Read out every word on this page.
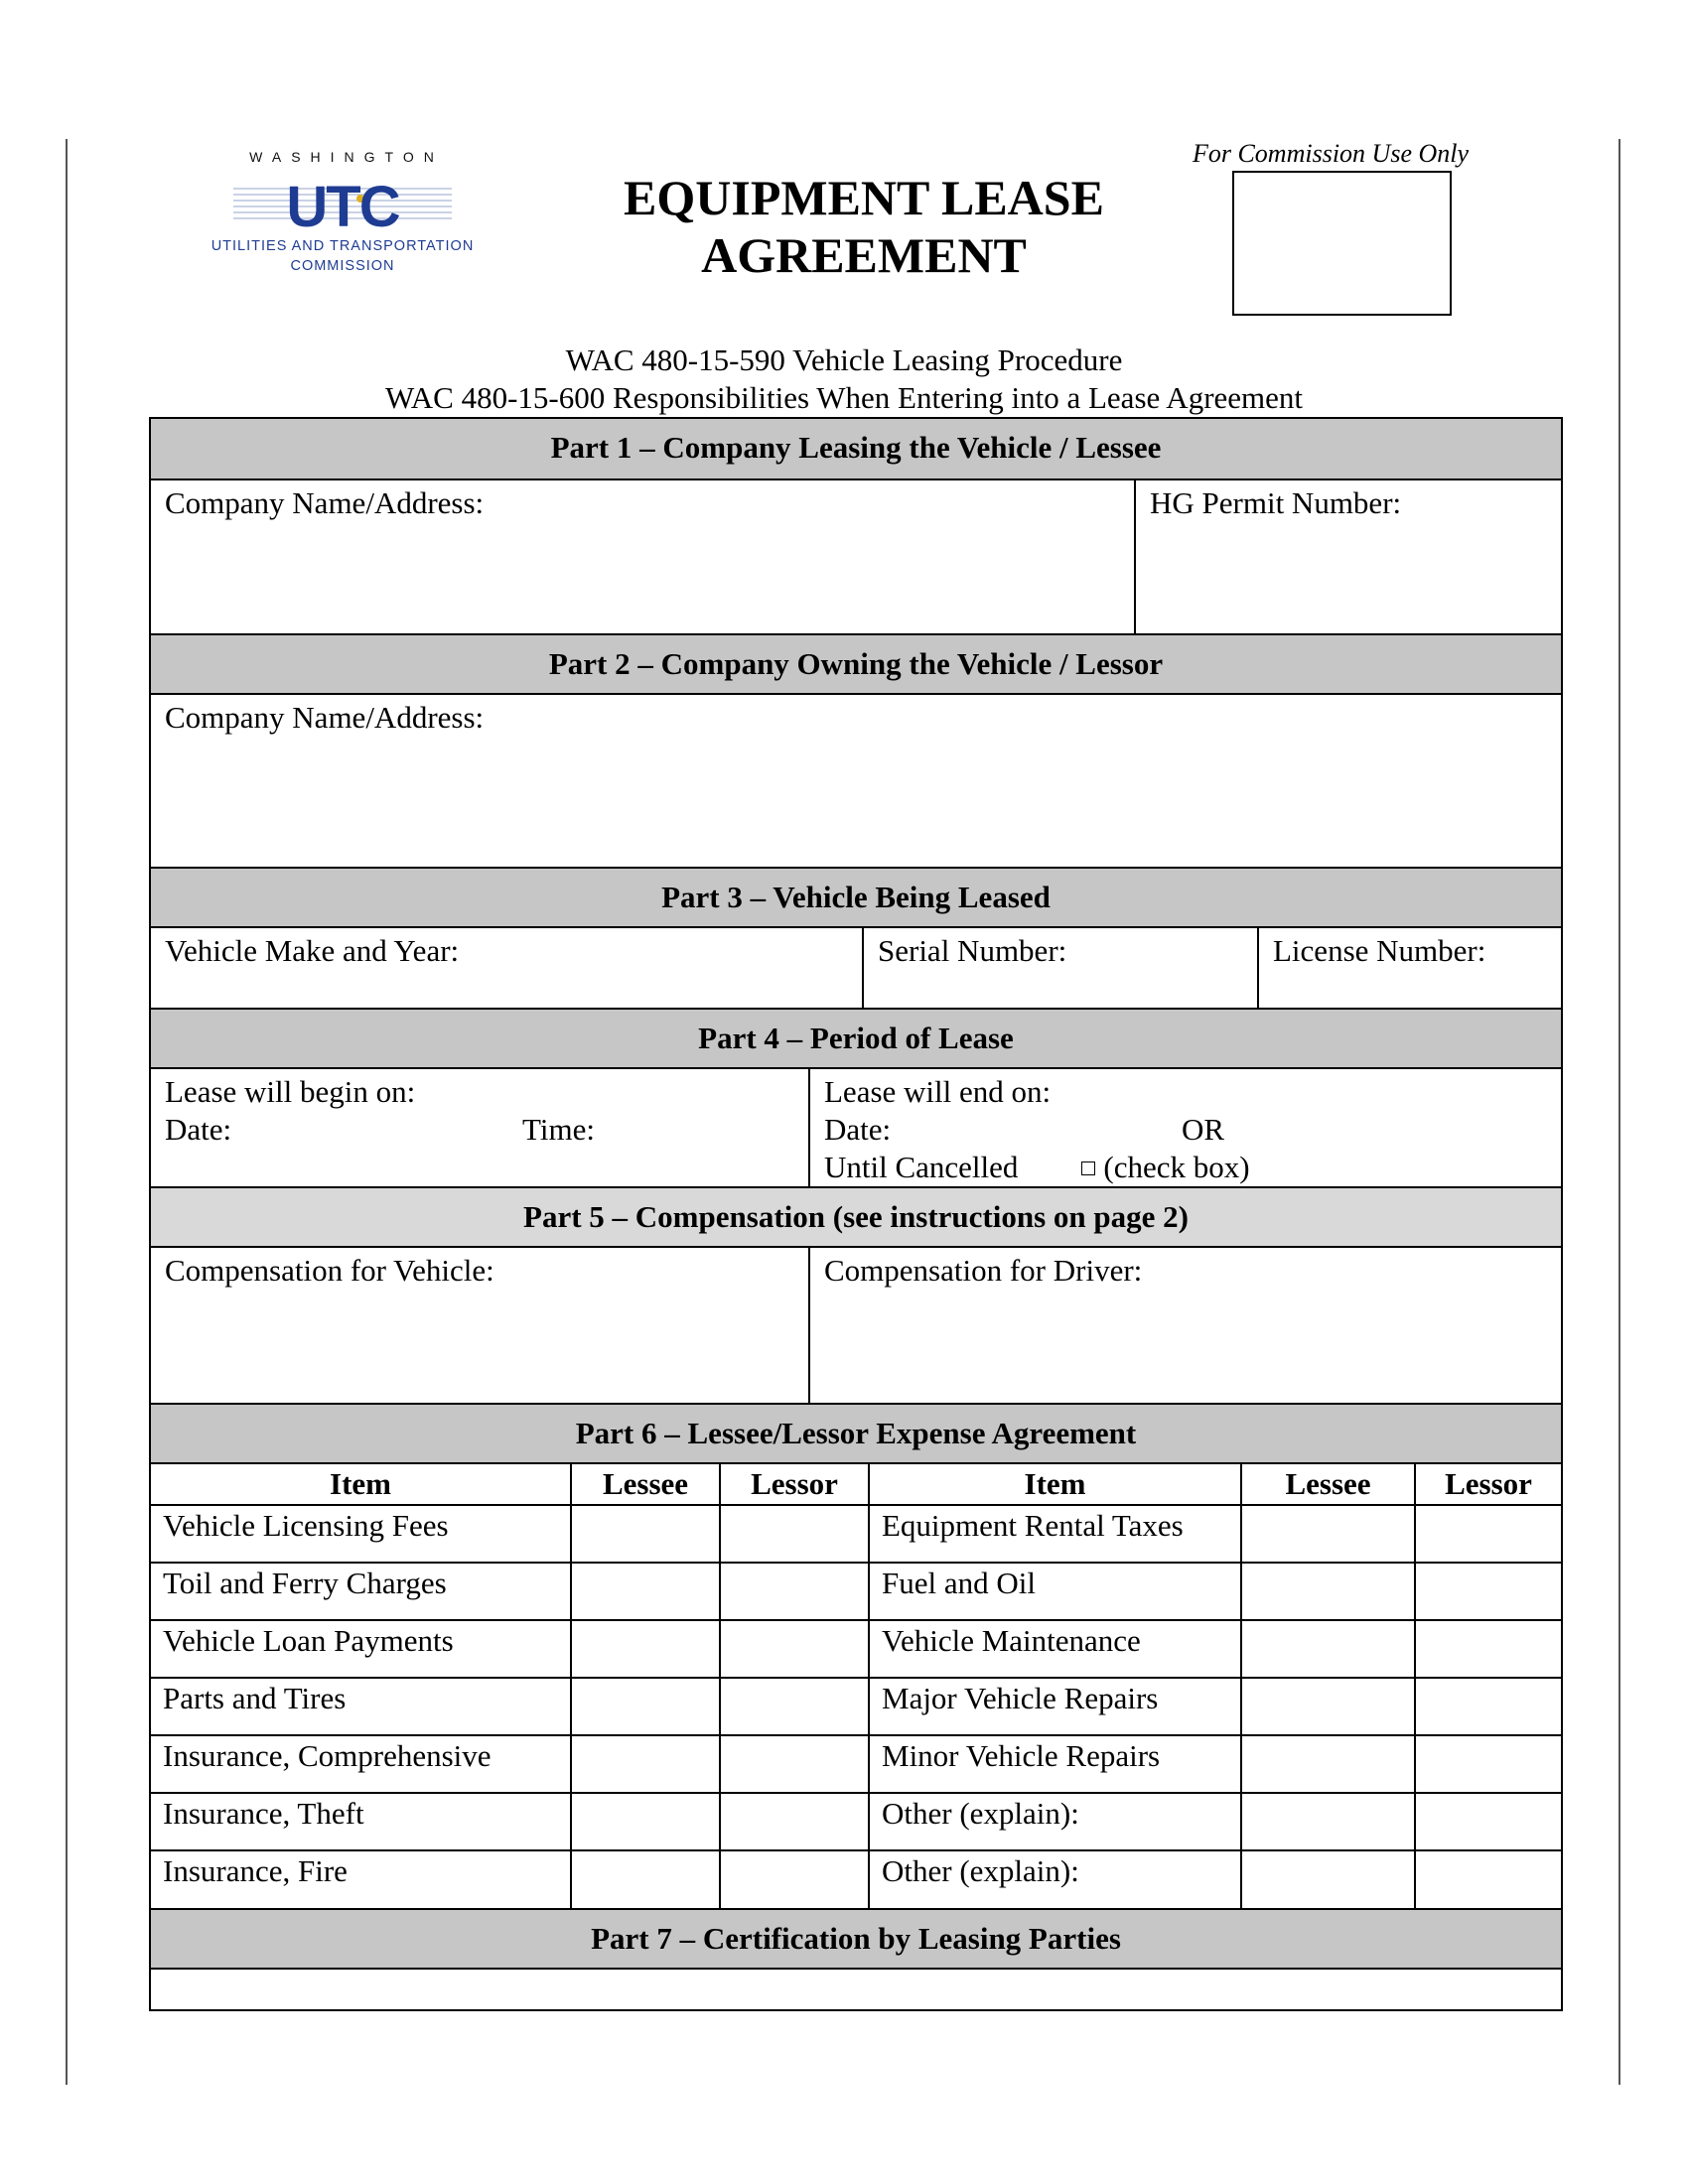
WASHINGTON
UTC
UTILITIES AND TRANSPORTATION
COMMISSION
EQUIPMENT LEASE
AGREEMENT
For Commission Use Only
WAC 480-15-590 Vehicle Leasing Procedure
WAC 480-15-600 Responsibilities When Entering into a Lease Agreement
Part 1 – Company Leasing the Vehicle / Lessee
Company Name/Address:	HG Permit Number:
Part 2 – Company Owning the Vehicle / Lessor
Company Name/Address:
Part 3 – Vehicle Being Leased
Vehicle Make and Year:	Serial Number:	License Number:
Part 4 – Period of Lease
Lease will begin on:
Date:	Time:
Lease will end on:
Date:	OR
Until Cancelled	(check box)
Part 5 – Compensation (see instructions on page 2)
Compensation for Vehicle:	Compensation for Driver:
Part 6 – Lessee/Lessor Expense Agreement
Item	Lessee	Lessor	Item	Lessee	Lessor
Vehicle Licensing Fees			Equipment Rental Taxes		
Toil and Ferry Charges			Fuel and Oil		
Vehicle Loan Payments			Vehicle Maintenance		
Parts and Tires			Major Vehicle Repairs		
Insurance, Comprehensive			Minor Vehicle Repairs		
Insurance, Theft			Other (explain):		
Insurance, Fire			Other (explain):		
Part 7 – Certification by Leasing Parties
